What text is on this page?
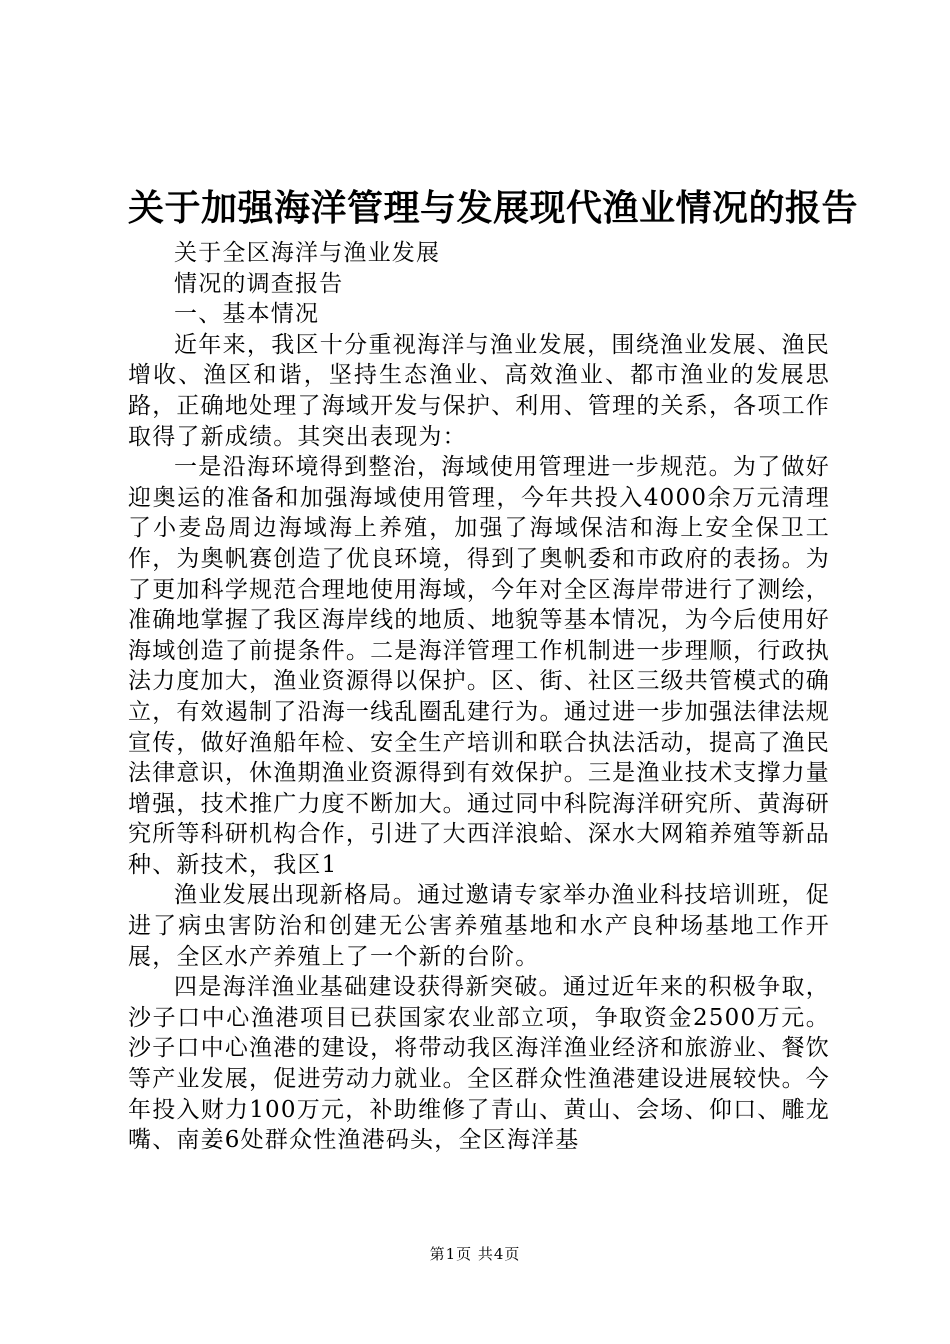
关于加强海洋管理与发展现代渔业情况的报告

关于全区海洋与渔业发展

情况的调查报告

一、基本情况

近年来，我区十分重视海洋与渔业发展，围绕渔业发展、渔民增收、渔区和谐，坚持生态渔业、高效渔业、都市渔业的发展思路，正确地处理了海域开发与保护、利用、管理的关系，各项工作取得了新成绩。其突出表现为：

一是沿海环境得到整治，海域使用管理进一步规范。为了做好迎奥运的准备和加强海域使用管理，今年共投入4000余万元清理了小麦岛周边海域海上养殖，加强了海域保洁和海上安全保卫工作，为奥帆赛创造了优良环境，得到了奥帆委和市政府的表扬。为了更加科学规范合理地使用海域，今年对全区海岸带进行了测绘，准确地掌握了我区海岸线的地质、地貌等基本情况，为今后使用好海域创造了前提条件。二是海洋管理工作机制进一步理顺，行政执法力度加大，渔业资源得以保护。区、街、社区三级共管模式的确立，有效遏制了沿海一线乱圈乱建行为。通过进一步加强法律法规宣传，做好渔船年检、安全生产培训和联合执法活动，提高了渔民法律意识，休渔期渔业资源得到有效保护。三是渔业技术支撑力量增强，技术推广力度不断加大。通过同中科院海洋研究所、黄海研究所等科研机构合作，引进了大西洋浪蛤、深水大网箱养殖等新品种、新技术，我区1

渔业发展出现新格局。通过邀请专家举办渔业科技培训班，促进了病虫害防治和创建无公害养殖基地和水产良种场基地工作开展，全区水产养殖上了一个新的台阶。

四是海洋渔业基础建设获得新突破。通过近年来的积极争取，沙子口中心渔港项目已获国家农业部立项，争取资金2500万元。沙子口中心渔港的建设，将带动我区海洋渔业经济和旅游业、餐饮等产业发展，促进劳动力就业。全区群众性渔港建设进展较快。今年投入财力100万元，补助维修了青山、黄山、会场、仰口、雕龙嘴、南姜6处群众性渔港码头，全区海洋基

第1页 共4页
